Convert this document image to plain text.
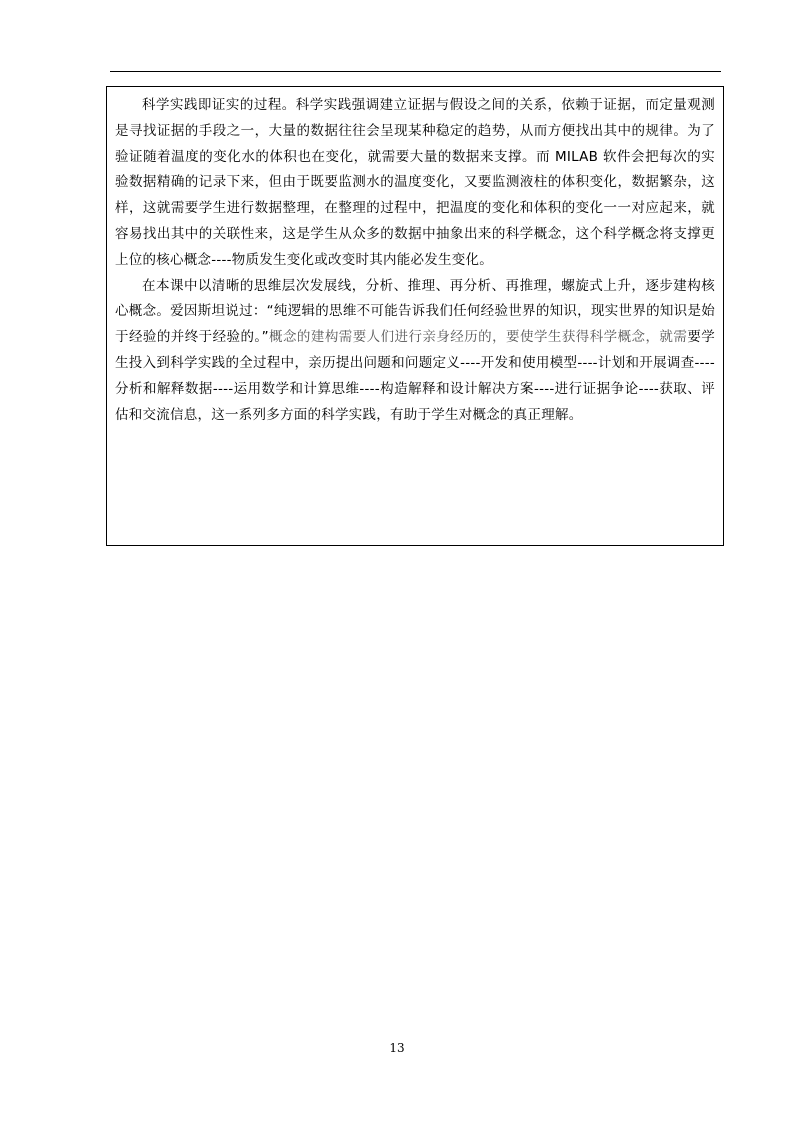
科学实践即证实的过程。科学实践强调建立证据与假设之间的关系，依赖于证据，而定量观测是寻找证据的手段之一，大量的数据往往会呈现某种稳定的趋势，从而方便找出其中的规律。为了验证随着温度的变化水的体积也在变化，就需要大量的数据来支撑。而 MILAB 软件会把每次的实验数据精确的记录下来，但由于既要监测水的温度变化，又要监测液柱的体积变化，数据繁杂，这样，这就需要学生进行数据整理，在整理的过程中，把温度的变化和体积的变化一一对应起来，就容易找出其中的关联性来，这是学生从众多的数据中抽象出来的科学概念，这个科学概念将支撑更上位的核心概念----物质发生变化或改变时其内能必发生变化。

在本课中以清晰的思维层次发展线，分析、推理、再分析、再推理，螺旋式上升，逐步建构核心概念。爱因斯坦说过：“纯逻辑的思维不可能告诉我们任何经验世界的知识，现实世界的知识是始于经验的并终于经验的。”概念的建构需要人们进行亲身经历的，要使学生获得科学概念，就需要学生投入到科学实践的全过程中，亲历提出问题和问题定义----开发和使用模型----计划和开展调查----分析和解释数据----运用数学和计算思维----构造解释和设计解决方案----进行证据争论----获取、评估和交流信息，这一系列多方面的科学实践，有助于学生对概念的真正理解。

13
